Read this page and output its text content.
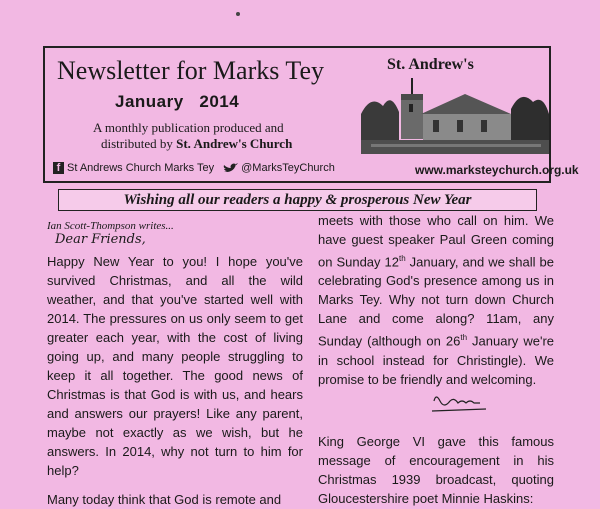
Newsletter for Marks Tey
January   2014
A monthly publication produced and
distributed by St. Andrew's Church
St. Andrew's
f St Andrews Church Marks Tey @MarksTeyChurch	www.marksteychurch.org.uk
Wishing all our readers a happy & prosperous New Year
Ian Scott-Thompson writes...
Dear Friends,

Happy New Year to you! I hope you've survived Christmas, and all the wild weather, and that you've started well with 2014. The pressures on us only seem to get greater each year, with the cost of living going up, and many people struggling to keep it all together. The good news of Christmas is that God is with us, and hears and answers our prayers! Like any parent, maybe not exactly as we wish, but he answers. In 2014, why not turn to him for help?

Many today think that God is remote and

meets with those who call on him. We have guest speaker Paul Green coming on Sunday 12th January, and we shall be celebrating God's presence among us in Marks Tey. Why not turn down Church Lane and come along? 11am, any Sunday (although on 26th January we're in school instead for Christingle). We promise to be friendly and welcoming.

King George VI gave this famous message of encouragement in his Christmas 1939 broadcast, quoting Gloucestershire poet Minnie Haskins:
